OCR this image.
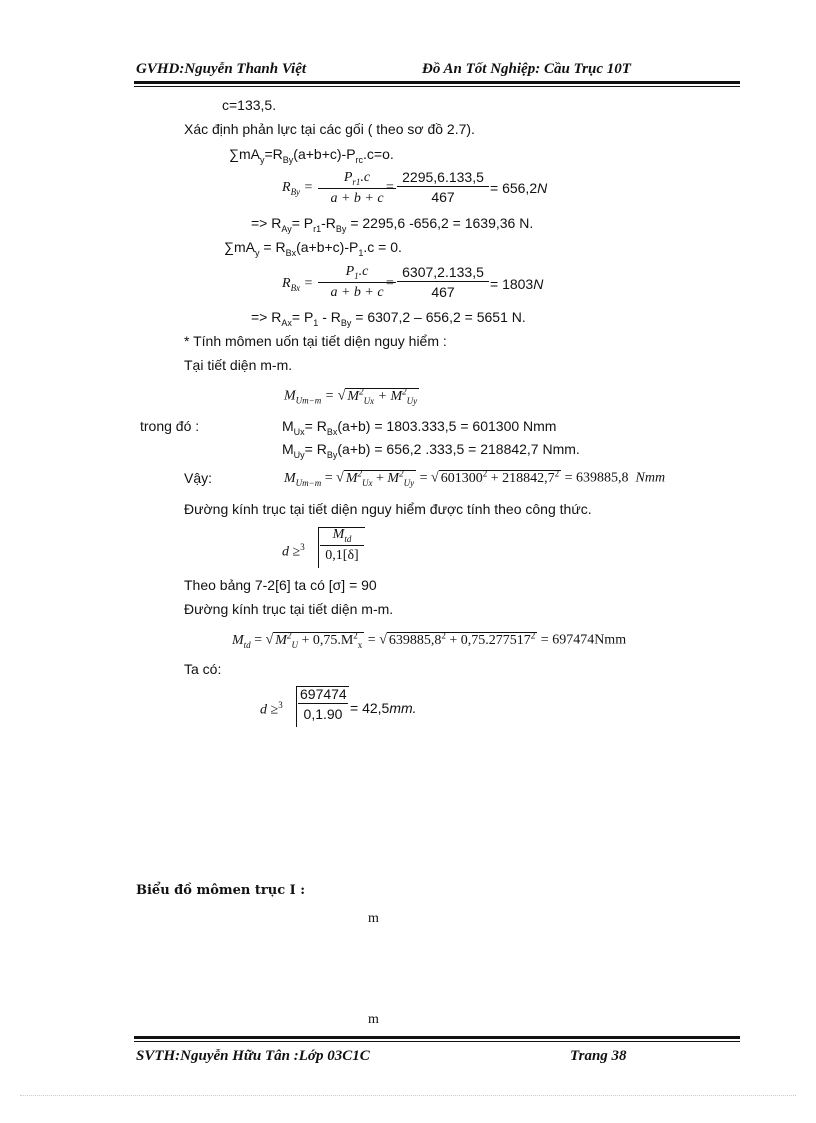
GVHD:Nguyễn Thanh Việt	Đồ An Tốt Nghiệp: Cầu Trục 10T
c=133,5.
Xác định phản lực tại các gối ( theo sơ đồ 2.7).
$\sum mA_y=R_{By}(a+b+c)-P_{rc}.c=o$.
$R_{By} = \frac{P_{r1}.c}{a + b + c}$
= $\frac{2295,6.133,5}{467} = 656,2N$
=> $R_{Ay}= P_{r1}-R_{By} = 2295,6$ -656,2 = 1639,36 N.
$\sum mA_y = R_{Bx}(a+b+c)-P_1.c = 0$.
$R_{Bx} = \frac{P_1.c}{a + b + c}$
= $\frac{6307,2.133,5}{467} = 1803N$
=> $R_{Ax}= P_1 - R_{By} = 6307,2 - 656,2 = 5651$ N.
* Tính mômen uốn tại tiết diện nguy hiểm :
Tại tiết diện m-m.
$M_{Um-m}$ = √ $M^2_{Ux} + M^2_{Uy}$
trong đó :	$M_{Ux}= R_{Bx}(a+b) = 1803.333,5 = 601300$ Nmm
$M_{Uy}= R_{By}(a+b) = 656,2$ .333,5 = 218842,7 Nmm.
Vậy:	$M_{Um-m}$ = √ $M^2_{Ux} + M^2_{Uy}$ = √ $601300^2 + 218842,7^2 = 639885,8$ Nmm
Đường kính trục tại tiết diện nguy hiểm được tính theo công thức.
d ≥$^3$
$M_{td}$
0,1[δ]
Theo bảng 7-2[6] ta có [σ] = 90
Đường kính trục tại tiết diện m-m.
$M_{td}$ = √ $M^2_U + 0,75.M^2_x$ = √ $639885,8^2 + 0,75.277517^2 = 697474Nmm$
Ta có:
$d \ge^3 \frac{697474}{0,1.90} = 42,5mm$.
Biểu đồ mômen trục I :
m
m
SVTH:Nguyễn Hữu Tân :Lớp 03C1C	Trang 38
